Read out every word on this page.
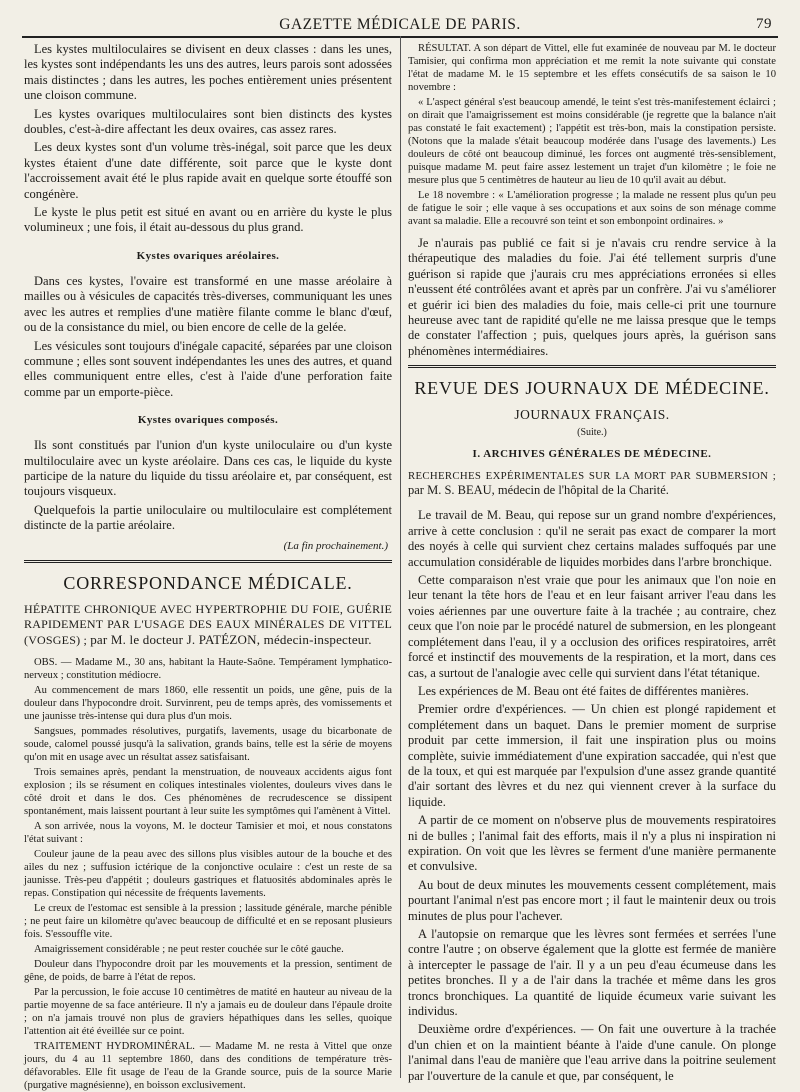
GAZETTE MÉDICALE DE PARIS.	79

Les kystes multiloculaires se divisent en deux classes : dans les unes, les kystes sont indépendants les uns des autres, leurs parois sont adossées mais distinctes ; dans les autres, les poches entièrement unies présentent une cloison commune.

Les kystes ovariques multiloculaires sont bien distincts des kystes doubles, c'est-à-dire affectant les deux ovaires, cas assez rares.

Les deux kystes sont d'un volume très-inégal, soit parce que les deux kystes étaient d'une date différente, soit parce que le kyste dont l'accroissement avait été le plus rapide avait en quelque sorte étouffé son congénère.

Le kyste le plus petit est situé en avant ou en arrière du kyste le plus volumineux ; une fois, il était au-dessous du plus grand.

Kystes ovariques aréolaires.

Dans ces kystes, l'ovaire est transformé en une masse aréolaire à mailles ou à vésicules de capacités très-diverses, communiquant les unes avec les autres et remplies d'une matière filante comme le blanc d'œuf, ou de la consistance du miel, ou bien encore de celle de la gelée.

Les vésicules sont toujours d'inégale capacité, séparées par une cloison commune ; elles sont souvent indépendantes les unes des autres, et quand elles communiquent entre elles, c'est à l'aide d'une perforation faite comme par un emporte-pièce.

Kystes ovariques composés.

Ils sont constitués par l'union d'un kyste uniloculaire ou d'un kyste multiloculaire avec un kyste aréolaire. Dans ces cas, le liquide du kyste participe de la nature du liquide du tissu aréolaire et, par conséquent, est toujours visqueux.

Quelquefois la partie uniloculaire ou multiloculaire est complétement distincte de la partie aréolaire.

(La fin prochainement.)
CORRESPONDANCE MÉDICALE.
HÉPATITE CHRONIQUE AVEC HYPERTROPHIE DU FOIE, GUÉRIE RAPIDEMENT PAR L'USAGE DES EAUX MINÉRALES DE VITTEL (VOSGES) ; par M. le docteur J. PATÉZON, médecin-inspecteur.

OBS. — Madame M., 30 ans, habitant la Haute-Saône. Tempérament lymphatico-nerveux ; constitution médiocre.

Au commencement de mars 1860, elle ressentit un poids, une gêne, puis de la douleur dans l'hypocondre droit. Survinrent, peu de temps après, des vomissements et une jaunisse très-intense qui dura plus d'un mois.

Sangsues, pommades résolutives, purgatifs, lavements, usage du bicarbonate de soude, calomel poussé jusqu'à la salivation, grands bains, telle est la série de moyens qu'on mit en usage avec un résultat assez satisfaisant.

Trois semaines après, pendant la menstruation, de nouveaux accidents aigus font explosion ; ils se résument en coliques intestinales violentes, douleurs vives dans le côté droit et dans le dos. Ces phénomènes de recrudescence se dissipent spontanément, mais laissent pourtant à leur suite les symptômes qui l'amènent à Vittel.

A son arrivée, nous la voyons, M. le docteur Tamisier et moi, et nous constatons l'état suivant :

Couleur jaune de la peau avec des sillons plus visibles autour de la bouche et des ailes du nez ; suffusion ictérique de la conjonctive oculaire : c'est un reste de sa jaunisse. Très-peu d'appétit ; douleurs gastriques et flatuosités abdominales après le repas. Constipation qui nécessite de fréquents lavements.

Le creux de l'estomac est sensible à la pression ; lassitude générale, marche pénible ; ne peut faire un kilomètre qu'avec beaucoup de difficulté et en se reposant plusieurs fois. S'essouffle vite.

Amaigrissement considérable ; ne peut rester couchée sur le côté gauche.

Douleur dans l'hypocondre droit par les mouvements et la pression, sentiment de gêne, de poids, de barre à l'état de repos.

Par la percussion, le foie accuse 10 centimètres de matité en hauteur au niveau de la partie moyenne de sa face antérieure. Il n'y a jamais eu de douleur dans l'épaule droite ; on n'a jamais trouvé non plus de graviers hépathiques dans les selles, quoique l'attention ait été éveillée sur ce point.

TRAITEMENT HYDROMINÉRAL. — Madame M. ne resta à Vittel que onze jours, du 4 au 11 septembre 1860, dans des conditions de température très-défavorables. Elle fit usage de l'eau de la Grande source, puis de la source Marie (purgative magnésienne), en boisson exclusivement.

RÉSULTAT. A son départ de Vittel, elle fut examinée de nouveau par M. le docteur Tamisier, qui confirma mon appréciation et me remit la note suivante qui constate l'état de madame M. le 15 septembre et les effets consécutifs de sa saison le 10 novembre :

« L'aspect général s'est beaucoup amendé, le teint s'est très-manifestement éclairci ; on dirait que l'amaigrissement est moins considérable (je regrette que la balance n'ait pas constaté le fait exactement) ; l'appétit est très-bon, mais la constipation persiste. (Notons que la malade s'était beaucoup modérée dans l'usage des lavements.) Les douleurs de côté ont beaucoup diminué, les forces ont augmenté très-sensiblement, puisque madame M. peut faire assez lestement un trajet d'un kilomètre ; le foie ne mesure plus que 5 centimètres de hauteur au lieu de 10 qu'il avait au début.

Le 18 novembre : « L'amélioration progresse ; la malade ne ressent plus qu'un peu de fatigue le soir ; elle vaque à ses occupations et aux soins de son ménage comme avant sa maladie. Elle a recouvré son teint et son embonpoint ordinaires. »

Je n'aurais pas publié ce fait si je n'avais cru rendre service à la thérapeutique des maladies du foie. J'ai été tellement surpris d'une guérison si rapide que j'aurais cru mes appréciations erronées si elles n'eussent été contrôlées avant et après par un confrère. J'ai vu s'améliorer et guérir ici bien des maladies du foie, mais celle-ci prit une tournure heureuse avec tant de rapidité qu'elle ne me laissa presque que le temps de constater l'affection ; puis, quelques jours après, la guérison sans phénomènes intermédiaires.

REVUE DES JOURNAUX DE MÉDECINE.
JOURNAUX FRANÇAIS.
(Suite.)
I. ARCHIVES GÉNÉRALES DE MÉDECINE.
RECHERCHES EXPÉRIMENTALES SUR LA MORT PAR SUBMERSION ; par M. S. BEAU, médecin de l'hôpital de la Charité.

Le travail de M. Beau, qui repose sur un grand nombre d'expériences, arrive à cette conclusion : qu'il ne serait pas exact de comparer la mort des noyés à celle qui survient chez certains malades suffoqués par une accumulation considérable de liquides morbides dans l'arbre bronchique.

Cette comparaison n'est vraie que pour les animaux que l'on noie en leur tenant la tête hors de l'eau et en leur faisant arriver l'eau dans les voies aériennes par une ouverture faite à la trachée ; au contraire, chez ceux que l'on noie par le procédé naturel de submersion, en les plongeant complétement dans l'eau, il y a occlusion des orifices respiratoires, arrêt forcé et instinctif des mouvements de la respiration, et la mort, dans ces cas, a surtout de l'analogie avec celle qui survient dans l'état tétanique.

Les expériences de M. Beau ont été faites de différentes manières.

Premier ordre d'expériences. — Un chien est plongé rapidement et complétement dans un baquet. Dans le premier moment de surprise produit par cette immersion, il fait une inspiration plus ou moins complète, suivie immédiatement d'une expiration saccadée, qui n'est que de la toux, et qui est marquée par l'expulsion d'une assez grande quantité d'air sortant des lèvres et du nez qui viennent crever à la surface du liquide.

A partir de ce moment on n'observe plus de mouvements respiratoires ni de bulles ; l'animal fait des efforts, mais il n'y a plus ni inspiration ni expiration. On voit que les lèvres se ferment d'une manière permanente et convulsive.

Au bout de deux minutes les mouvements cessent complétement, mais pourtant l'animal n'est pas encore mort ; il faut le maintenir deux ou trois minutes de plus pour l'achever.

A l'autopsie on remarque que les lèvres sont fermées et serrées l'une contre l'autre ; on observe également que la glotte est fermée de manière à intercepter le passage de l'air. Il y a un peu d'eau écumeuse dans les petites bronches. Il y a de l'air dans la trachée et même dans les gros troncs bronchiques. La quantité de liquide écumeux varie suivant les individus.

Deuxième ordre d'expériences. — On fait une ouverture à la trachée d'un chien et on la maintient béante à l'aide d'une canule. On plonge l'animal dans l'eau de manière que l'eau arrive dans la poitrine seulement par l'ouverture de la canule et que, par conséquent, le
